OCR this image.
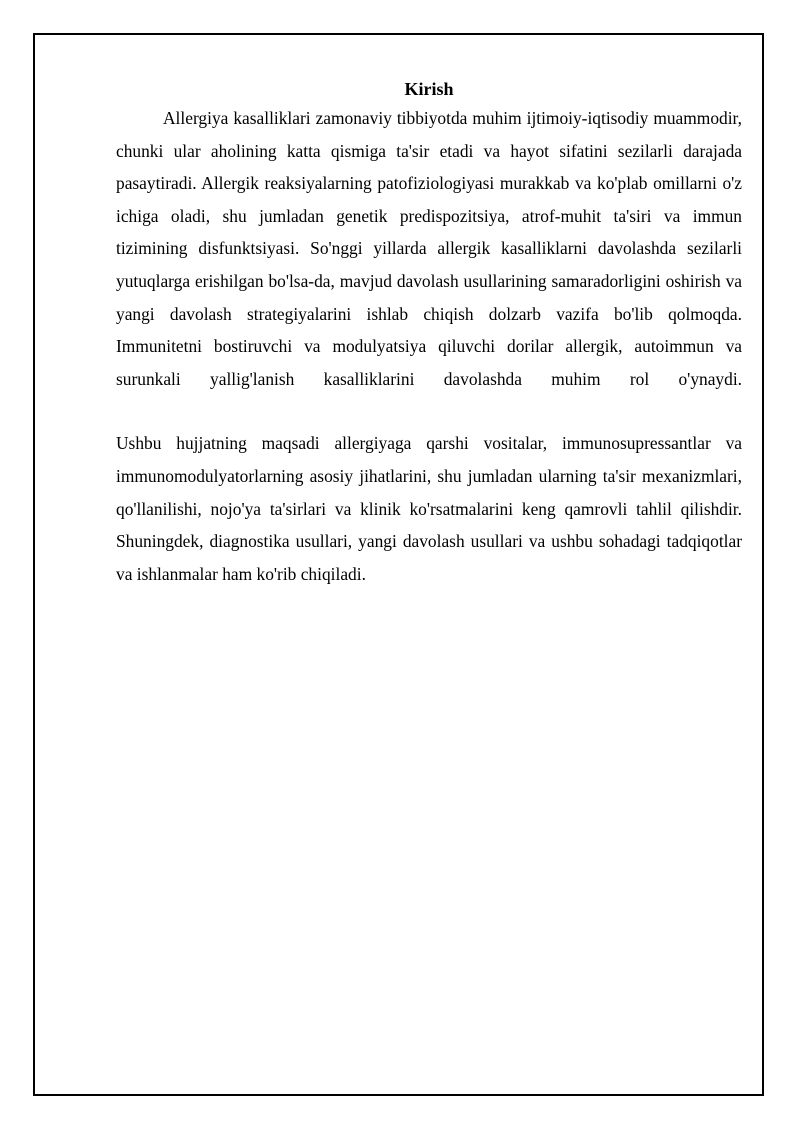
Kirish

Allergiya kasalliklari zamonaviy tibbiyotda muhim ijtimoiy-iqtisodiy muammodir, chunki ular aholining katta qismiga ta'sir etadi va hayot sifatini sezilarli darajada pasaytiradi. Allergik reaksiyalarning patofiziologiyasi murakkab va ko'plab omillarni o'z ichiga oladi, shu jumladan genetik predispozitsiya, atrof-muhit ta'siri va immun tizimining disfunktsiyasi. So'nggi yillarda allergik kasalliklarni davolashda sezilarli yutuqlarga erishilgan bo'lsa-da, mavjud davolash usullarining samaradorligini oshirish va yangi davolash strategiyalarini ishlab chiqish dolzarb vazifa bo'lib qolmoqda. Immunitetni bostiruvchi va modulyatsiya qiluvchi dorilar allergik, autoimmun va surunkali yallig'lanish kasalliklarini davolashda muhim rol o'ynaydi.

Ushbu hujjatning maqsadi allergiyaga qarshi vositalar, immunosupressantlar va immunomodulyatorlarning asosiy jihatlarini, shu jumladan ularning ta'sir mexanizmlari, qo'llanilishi, nojo'ya ta'sirlari va klinik ko'rsatmalarini keng qamrovli tahlil qilishdir. Shuningdek, diagnostika usullari, yangi davolash usullari va ushbu sohadagi tadqiqotlar va ishlanmalar ham ko'rib chiqiladi.
